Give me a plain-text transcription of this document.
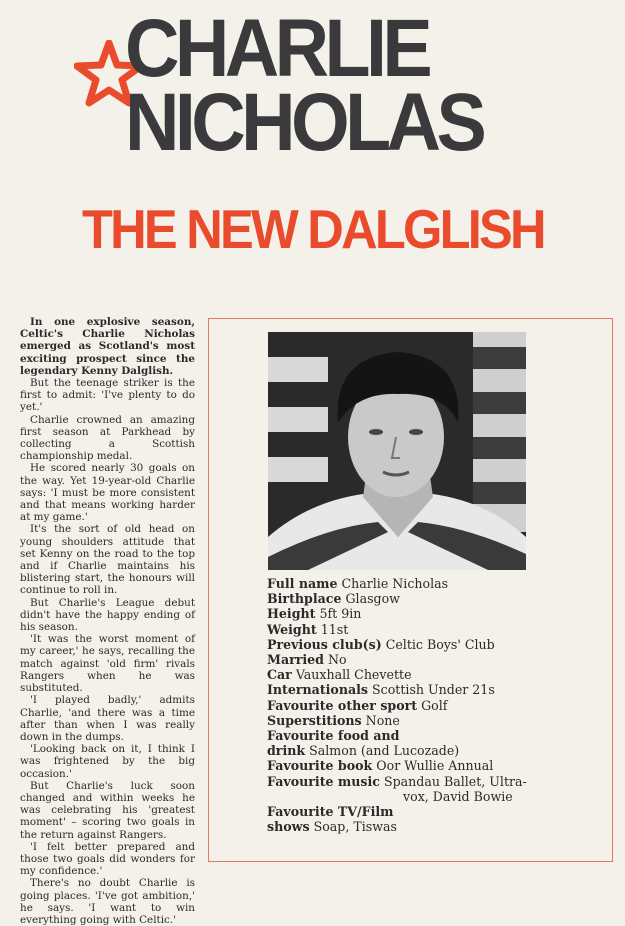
CHARLIE
NICHOLAS
THE NEW DALGLISH

In one explosive season, Celtic's Charlie Nicholas emerged as Scotland's most exciting prospect since the legendary Kenny Dalglish.

But the teenage striker is the first to admit: 'I've plenty to do yet.'

Charlie crowned an amazing first season at Parkhead by collecting a Scottish championship medal.

He scored nearly 30 goals on the way. Yet 19-year-old Charlie says: 'I must be more consistent and that means working harder at my game.'

It's the sort of old head on young shoulders attitude that set Kenny on the road to the top and if Charlie maintains his blistering start, the honours will continue to roll in.

But Charlie's League debut didn't have the happy ending of his season.

'It was the worst moment of my career,' he says, recalling the match against 'old firm' rivals Rangers when he was substituted.

'I played badly,' admits Charlie, 'and there was a time after than when I was really down in the dumps.

'Looking back on it, I think I was frightened by the big occasion.'

But Charlie's luck soon changed and within weeks he was celebrating his 'greatest moment' – scoring two goals in the return against Rangers.

'I felt better prepared and those two goals did wonders for my confidence.'

There's no doubt Charlie is going places. 'I've got ambition,' he says. 'I want to win everything going with Celtic.'

Full name Charlie Nicholas
Birthplace Glasgow
Height 5ft 9in
Weight 11st
Previous club(s) Celtic Boys' Club
Married No
Car Vauxhall Chevette
Internationals Scottish Under 21s
Favourite other sport Golf
Superstitions None
Favourite food and
drink Salmon (and Lucozade)
Favourite book Oor Wullie Annual
Favourite music Spandau Ballet, Ultra-
vox, David Bowie
Favourite TV/Film
shows Soap, Tiswas
